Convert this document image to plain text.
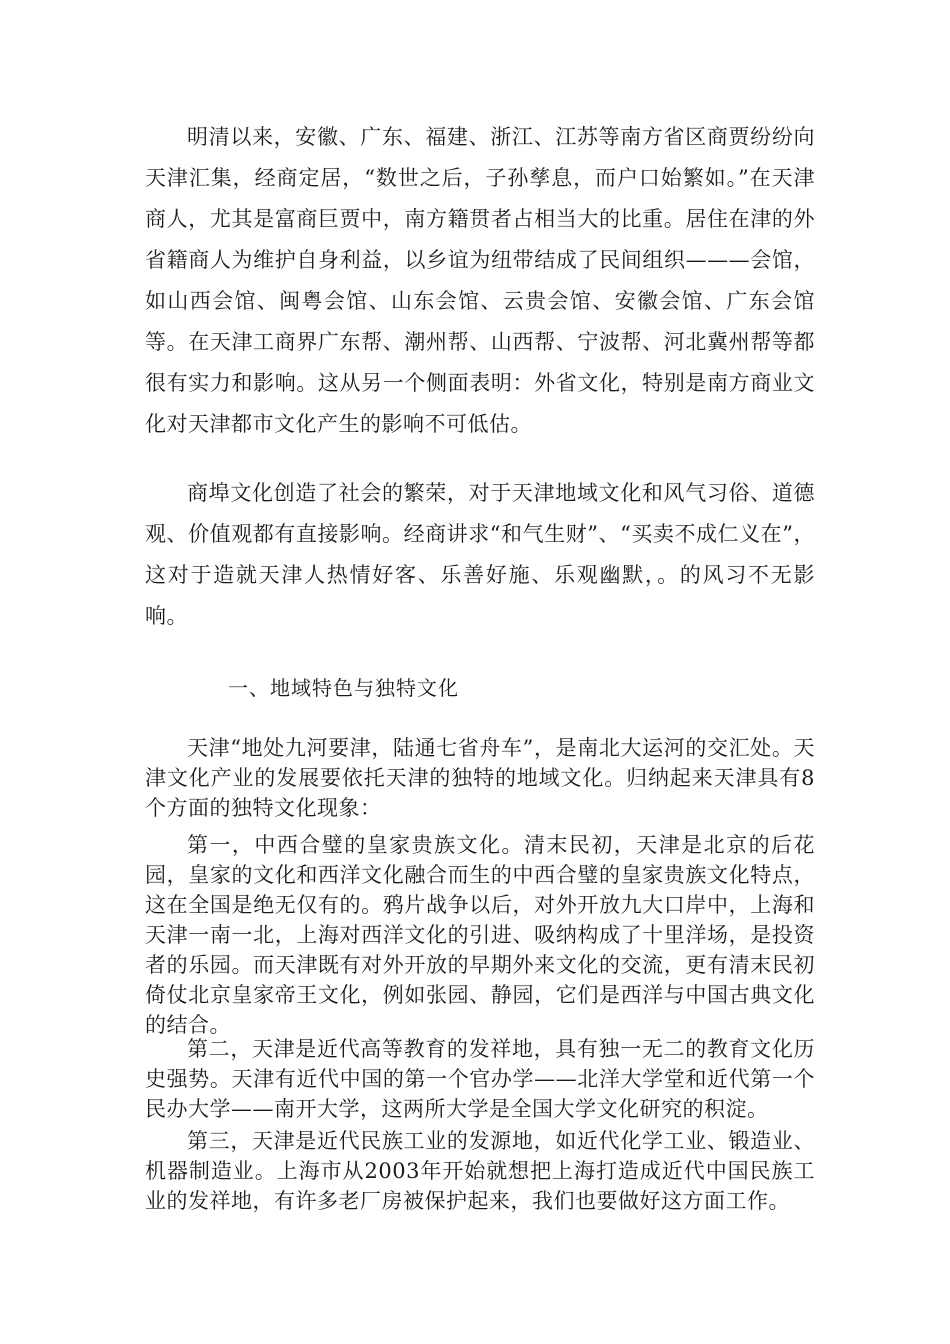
明清以来，安徽、广东、福建、浙江、江苏等南方省区商贾纷纷向天津汇集，经商定居，“数世之后，子孙孳息，而户口始繁如。”在天津商人，尤其是富商巨贾中，南方籍贯者占相当大的比重。居住在津的外省籍商人为维护自身利益，以乡谊为纽带结成了民间组织———会馆，如山西会馆、闽粤会馆、山东会馆、云贵会馆、安徽会馆、广东会馆等。在天津工商界广东帮、潮州帮、山西帮、宁波帮、河北冀州帮等都很有实力和影响。这从另一个侧面表明：外省文化，特别是南方商业文化对天津都市文化产生的影响不可低估。

商埠文化创造了社会的繁荣，对于天津地域文化和风气习俗、道德观、价值观都有直接影响。经商讲求“和气生财”、“买卖不成仁义在”，这对于造就天津人热情好客、乐善好施、乐观幽默，。的风习不无影响。

一、地域特色与独特文化

天津“地处九河要津，陆通七省舟车”，是南北大运河的交汇处。天津文化产业的发展要依托天津的独特的地域文化。归纳起来天津具有8个方面的独特文化现象：

第一，中西合璧的皇家贵族文化。清末民初，天津是北京的后花园，皇家的文化和西洋文化融合而生的中西合璧的皇家贵族文化特点，这在全国是绝无仅有的。鸦片战争以后，对外开放九大口岸中，上海和天津一南一北，上海对西洋文化的引进、吸纳构成了十里洋场，是投资者的乐园。而天津既有对外开放的早期外来文化的交流，更有清末民初倚仗北京皇家帝王文化，例如张园、静园，它们是西洋与中国古典文化的结合。

第二，天津是近代高等教育的发祥地，具有独一无二的教育文化历史强势。天津有近代中国的第一个官办学——北洋大学堂和近代第一个民办大学——南开大学，这两所大学是全国大学文化研究的积淀。

第三，天津是近代民族工业的发源地，如近代化学工业、锻造业、机器制造业。上海市从2003年开始就想把上海打造成近代中国民族工业的发祥地，有许多老厂房被保护起来，我们也要做好这方面工作。
